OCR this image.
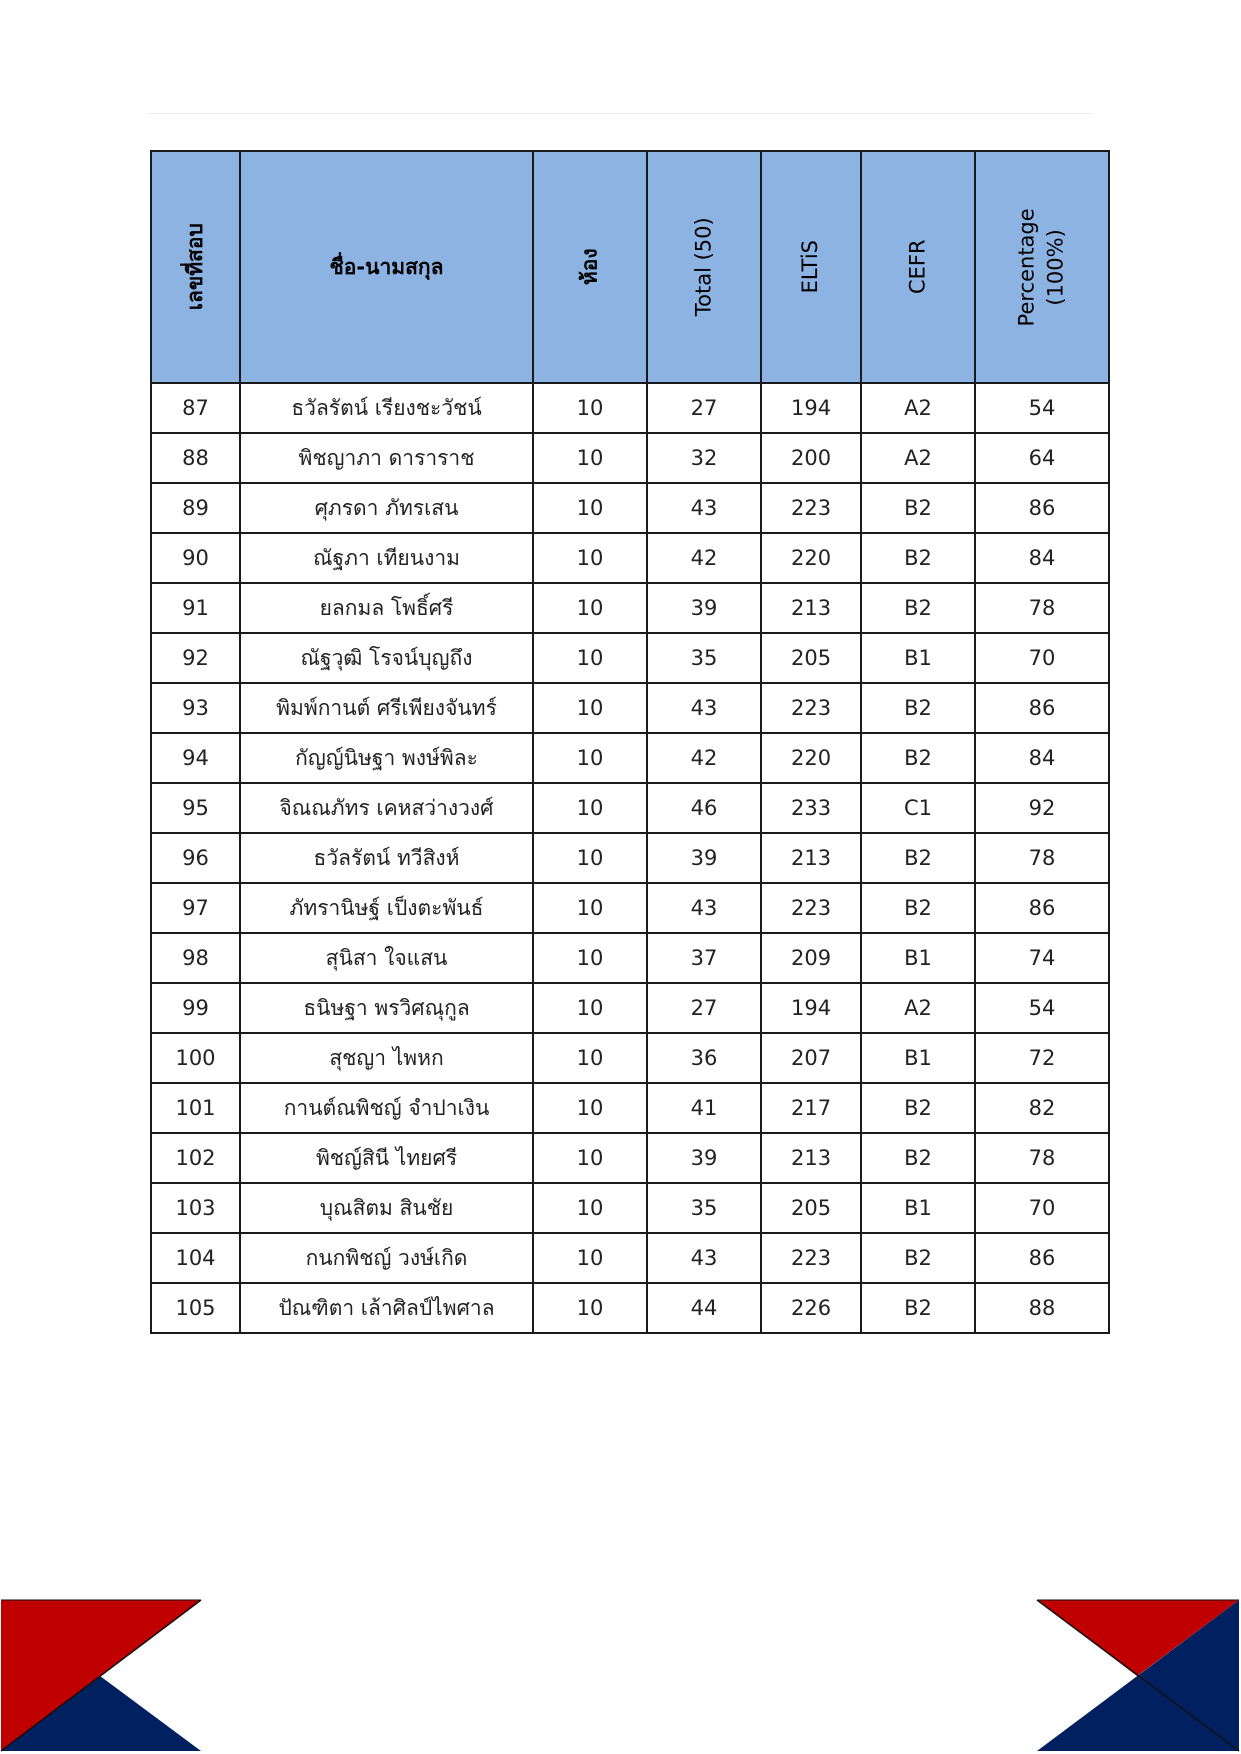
เลขที่สอบ	ชื่อ-นามสกุล	ห้อง	Total (50)	ELTiS	CEFR	Percentage (100%)
87	ธวัลรัตน์ เรียงชะวัชน์	10	27	194	A2	54
88	พิชญาภา ดาราราช	10	32	200	A2	64
89	ศุภรดา ภัทรเสน	10	43	223	B2	86
90	ณัฐภา เทียนงาม	10	42	220	B2	84
91	ยลกมล โพธิ์ศรี	10	39	213	B2	78
92	ณัฐวุฒิ โรจน์บุญถึง	10	35	205	B1	70
93	พิมพ์กานต์ ศรีเพียงจันทร์	10	43	223	B2	86
94	กัญญ์นิษฐา พงษ์พิละ	10	42	220	B2	84
95	จิณณภัทร เคหสว่างวงศ์	10	46	233	C1	92
96	ธวัลรัตน์ ทวีสิงห์	10	39	213	B2	78
97	ภัทรานิษฐ์ เป็งตะพันธ์	10	43	223	B2	86
98	สุนิสา ใจแสน	10	37	209	B1	74
99	ธนิษฐา พรวิศณุกูล	10	27	194	A2	54
100	สุชญา ไพหก	10	36	207	B1	72
101	กานต์ณพิชญ์ จำปาเงิน	10	41	217	B2	82
102	พิชญ์สินี ไทยศรี	10	39	213	B2	78
103	บุณสิตม สินชัย	10	35	205	B1	70
104	กนกพิชญ์ วงษ์เกิด	10	43	223	B2	86
105	ปัณฑิตา เล้าศิลป์ไพศาล	10	44	226	B2	88
